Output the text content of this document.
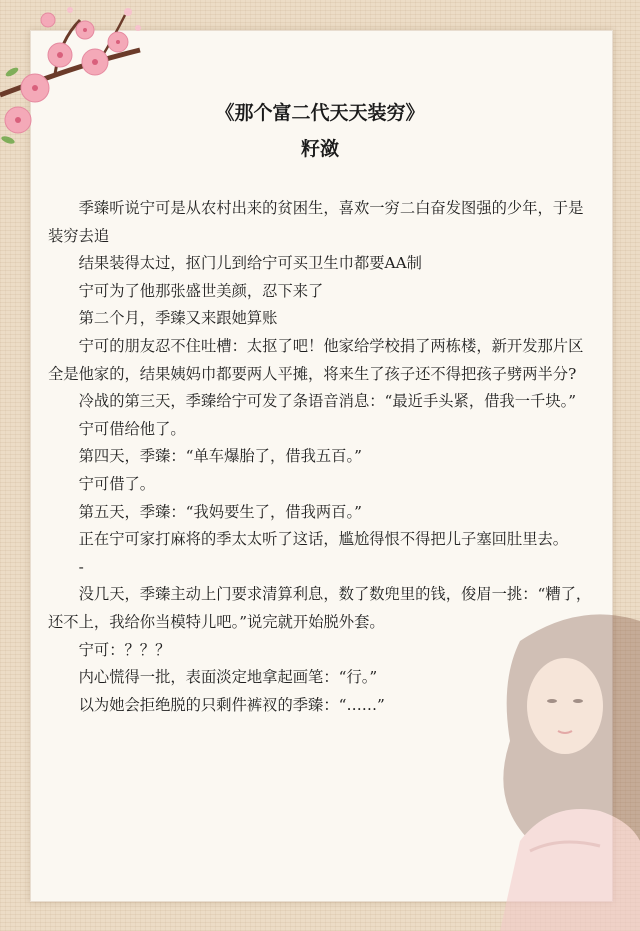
《那个富二代天天装穷》
籽潋

季臻听说宁可是从农村出来的贫困生，喜欢一穷二白奋发图强的少年，于是装穷去追

结果装得太过，抠门儿到给宁可买卫生巾都要AA制

宁可为了他那张盛世美颜，忍下来了

第二个月，季臻又来跟她算账

宁可的朋友忍不住吐槽：太抠了吧！他家给学校捐了两栋楼，新开发那片区全是他家的，结果姨妈巾都要两人平摊，将来生了孩子还不得把孩子劈两半分?

冷战的第三天，季臻给宁可发了条语音消息：“最近手头紧，借我一千块。”

宁可借给他了。

第四天，季臻：“单车爆胎了，借我五百。”

宁可借了。

第五天，季臻：“我妈要生了，借我两百。”

正在宁可家打麻将的季太太听了这话，尴尬得恨不得把儿子塞回肚里去。

-

没几天，季臻主动上门要求清算利息，数了数兜里的钱，俊眉一挑：“糟了，还不上，我给你当模特儿吧。”说完就开始脱外套。

宁可：？？？

内心慌得一批，表面淡定地拿起画笔：“行。”

以为她会拒绝脱的只剩件裤衩的季臻：“……”
